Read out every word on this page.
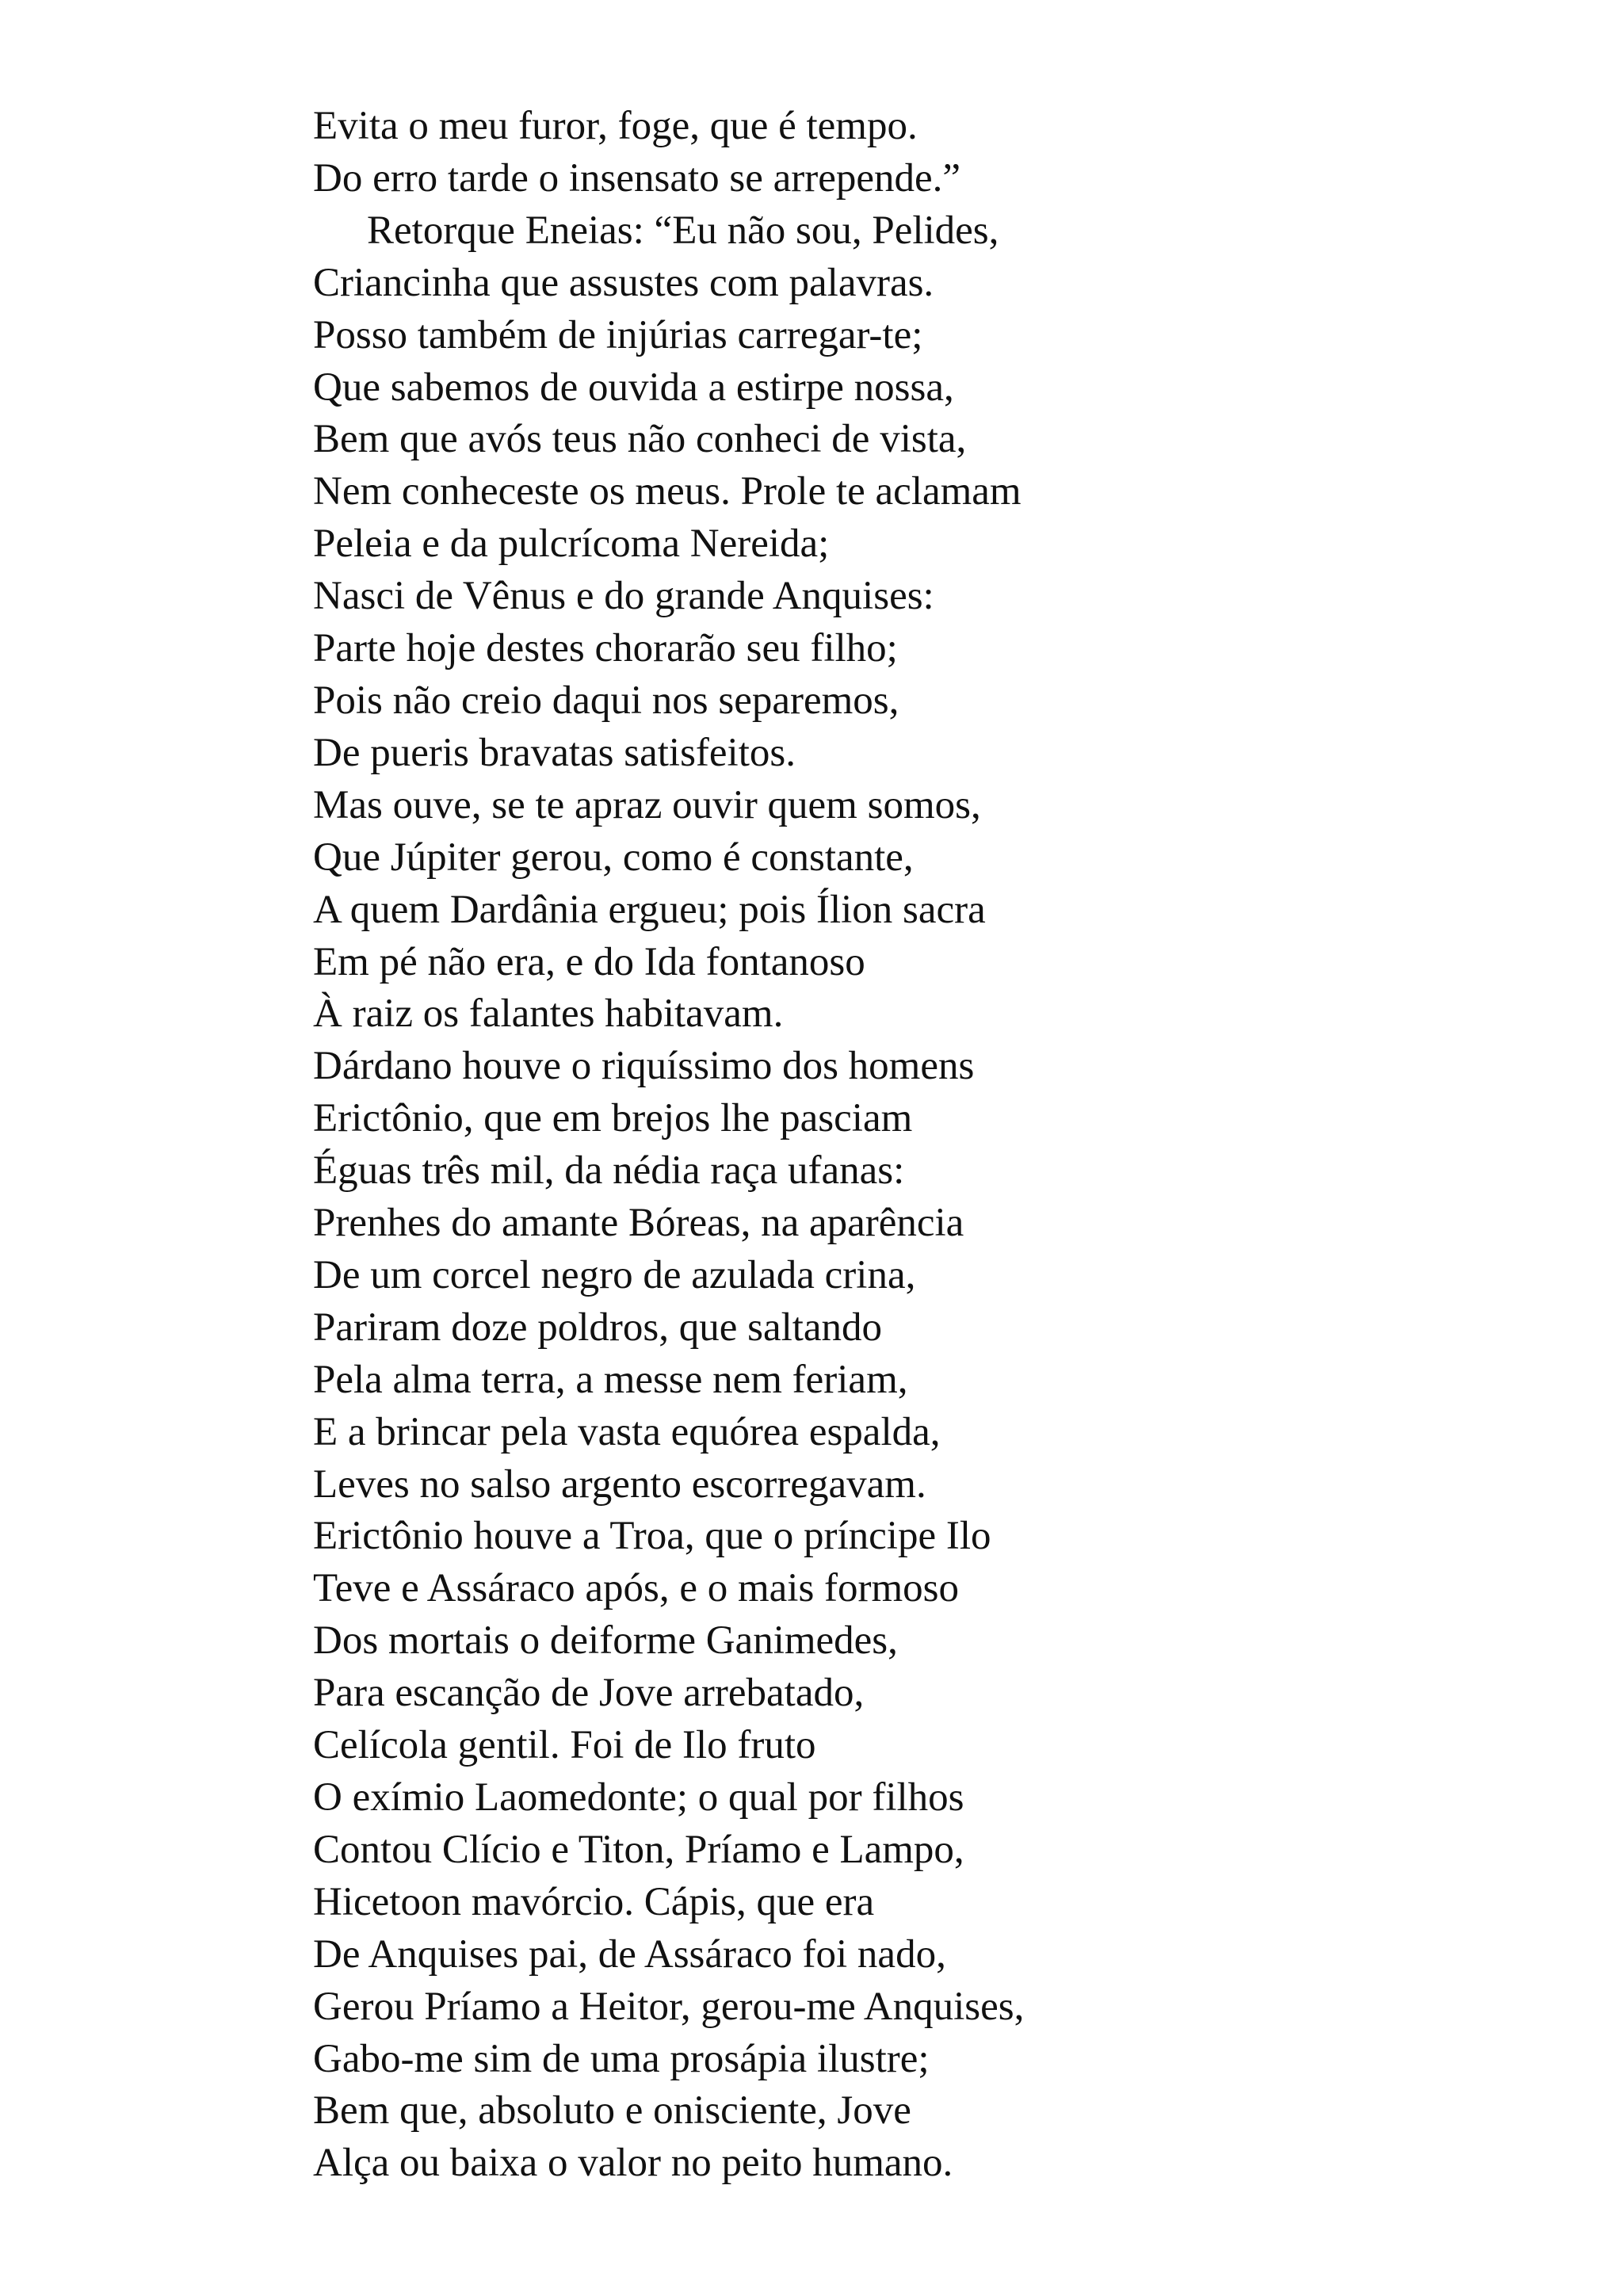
Evita o meu furor, foge, que é tempo.
Do erro tarde o insensato se arrepende.”
Retorque Eneias: “Eu não sou, Pelides,
Criancinha que assustes com palavras.
Posso também de injúrias carregar-te;
Que sabemos de ouvida a estirpe nossa,
Bem que avós teus não conheci de vista,
Nem conheceste os meus. Prole te aclamam
Peleia e da pulcrícoma Nereida;
Nasci de Vênus e do grande Anquises:
Parte hoje destes chorarão seu filho;
Pois não creio daqui nos separemos,
De pueris bravatas satisfeitos.
Mas ouve, se te apraz ouvir quem somos,
Que Júpiter gerou, como é constante,
A quem Dardânia ergueu; pois Ílion sacra
Em pé não era, e do Ida fontanoso
À raiz os falantes habitavam.
Dárdano houve o riquíssimo dos homens
Erictônio, que em brejos lhe pasciam
Éguas três mil, da nédia raça ufanas:
Prenhes do amante Bóreas, na aparência
De um corcel negro de azulada crina,
Pariram doze poldros, que saltando
Pela alma terra, a messe nem feriam,
E a brincar pela vasta equórea espalda,
Leves no salso argento escorregavam.
Erictônio houve a Troa, que o príncipe Ilo
Teve e Assáraco após, e o mais formoso
Dos mortais o deiforme Ganimedes,
Para escanção de Jove arrebatado,
Celícola gentil. Foi de Ilo fruto
O exímio Laomedonte; o qual por filhos
Contou Clício e Titon, Príamo e Lampo,
Hicetoon mavórcio. Cápis, que era
De Anquises pai, de Assáraco foi nado,
Gerou Príamo a Heitor, gerou-me Anquises,
Gabo-me sim de uma prosápia ilustre;
Bem que, absoluto e onisciente, Jove
Alça ou baixa o valor no peito humano.
